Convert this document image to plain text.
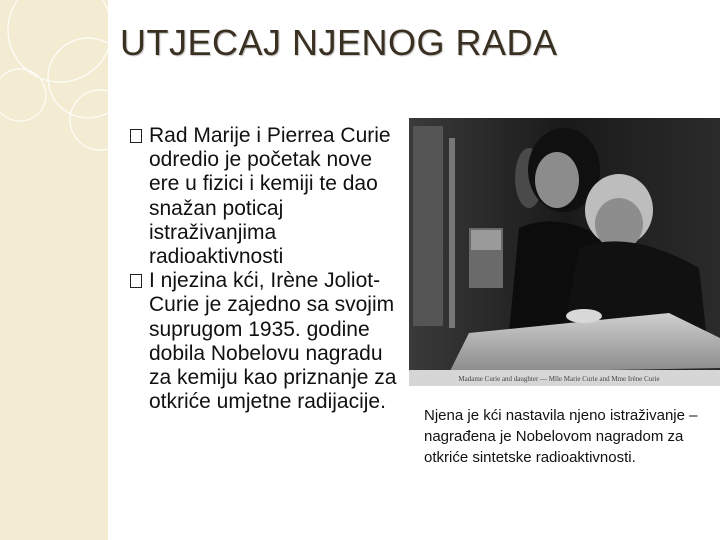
UTJECAJ NJENOG RADA
Rad Marije i Pierrea Curie odredio je početak nove ere u fizici i kemiji te dao snažan poticaj istraživanjima radioaktivnosti
I njezina kći, Irène Joliot-Curie je zajedno sa svojim suprugom 1935. godine dobila Nobelovu nagradu za kemiju kao priznanje za otkriće umjetne radijacije.
Madame Curie and daughter — Mlle Marie Curie and Mme Irène Curie
Njena je kći nastavila njeno istraživanje – nagrađena je Nobelovom nagradom za otkriće sintetske radioaktivnosti.
